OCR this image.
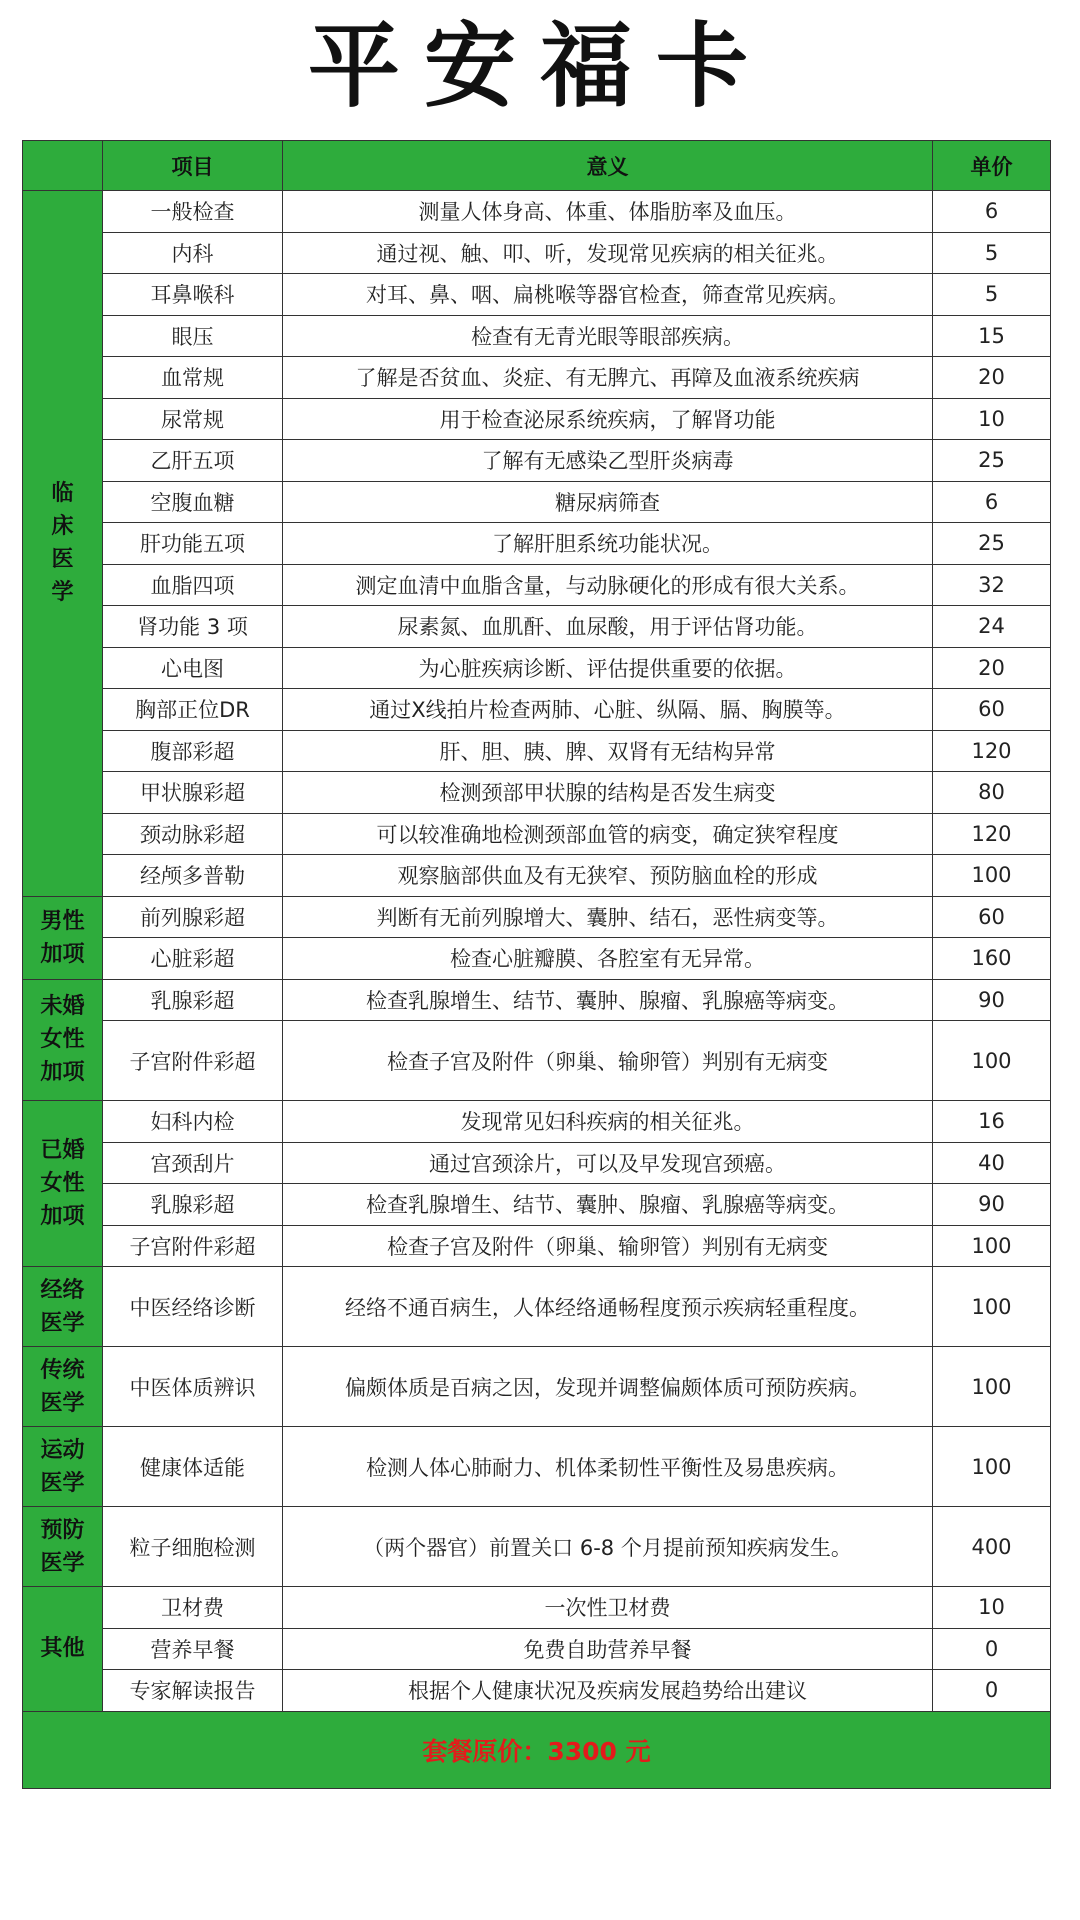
平安福卡
	项目	意义	单价
临
床
医
学	一般检查	测量人体身高、体重、体脂肪率及血压。	6
	内科	通过视、触、叩、听，发现常见疾病的相关征兆。	5
	耳鼻喉科	对耳、鼻、咽、扁桃喉等器官检查，筛查常见疾病。	5
	眼压	检查有无青光眼等眼部疾病。	15
	血常规	了解是否贫血、炎症、有无脾亢、再障及血液系统疾病	20
	尿常规	用于检查泌尿系统疾病，了解肾功能	10
	乙肝五项	了解有无感染乙型肝炎病毒	25
	空腹血糖	糖尿病筛查	6
	肝功能五项	了解肝胆系统功能状况。	25
	血脂四项	测定血清中血脂含量，与动脉硬化的形成有很大关系。	32
	肾功能 3 项	尿素氮、血肌酐、血尿酸，用于评估肾功能。	24
	心电图	为心脏疾病诊断、评估提供重要的依据。	20
	胸部正位DR	通过X线拍片检查两肺、心脏、纵隔、膈、胸膜等。	60
	腹部彩超	肝、胆、胰、脾、双肾有无结构异常	120
	甲状腺彩超	检测颈部甲状腺的结构是否发生病变	80
	颈动脉彩超	可以较准确地检测颈部血管的病变，确定狭窄程度	120
	经颅多普勒	观察脑部供血及有无狭窄、预防脑血栓的形成	100
男性
加项	前列腺彩超	判断有无前列腺增大、囊肿、结石，恶性病变等。	60
	心脏彩超	检查心脏瓣膜、各腔室有无异常。	160
未婚
女性
加项	乳腺彩超	检查乳腺增生、结节、囊肿、腺瘤、乳腺癌等病变。	90
	子宫附件彩超	检查子宫及附件（卵巢、输卵管）判别有无病变	100
已婚
女性
加项	妇科内检	发现常见妇科疾病的相关征兆。	16
	宫颈刮片	通过宫颈涂片，可以及早发现宫颈癌。	40
	乳腺彩超	检查乳腺增生、结节、囊肿、腺瘤、乳腺癌等病变。	90
	子宫附件彩超	检查子宫及附件（卵巢、输卵管）判别有无病变	100
经络
医学	中医经络诊断	经络不通百病生，人体经络通畅程度预示疾病轻重程度。	100
传统
医学	中医体质辨识	偏颇体质是百病之因，发现并调整偏颇体质可预防疾病。	100
运动
医学	健康体适能	检测人体心肺耐力、机体柔韧性平衡性及易患疾病。	100
预防
医学	粒子细胞检测	（两个器官）前置关口 6-8 个月提前预知疾病发生。	400
其他	卫材费	一次性卫材费	10
	营养早餐	免费自助营养早餐	0
	专家解读报告	根据个人健康状况及疾病发展趋势给出建议	0
套餐原价：3300 元			
